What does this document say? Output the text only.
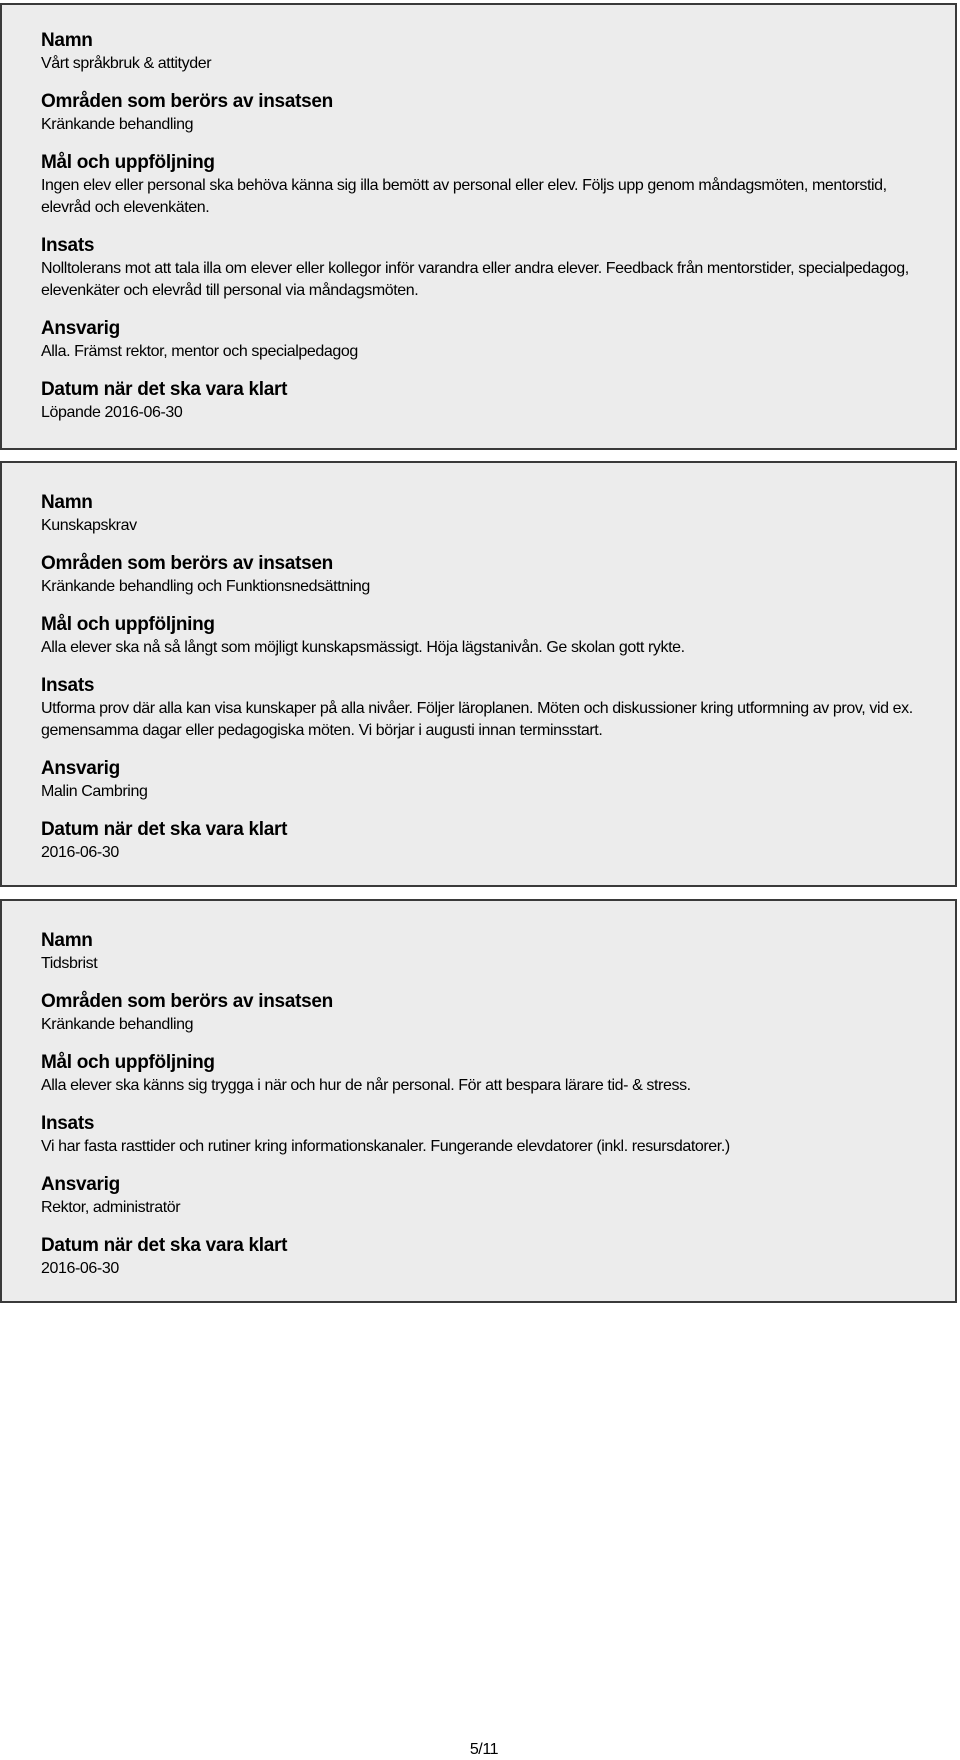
Namn
Vårt språkbruk & attityder
Områden som berörs av insatsen
Kränkande behandling
Mål och uppföljning
Ingen elev eller personal ska behöva känna sig illa bemött av personal eller elev. Följs upp genom måndagsmöten, mentorstid, elevråd och elevenkäten.
Insats
Nolltolerans mot att tala illa om elever eller kollegor inför varandra eller andra elever. Feedback från mentorstider, specialpedagog, elevenkäter och elevråd till personal via måndagsmöten.
Ansvarig
Alla. Främst rektor, mentor och specialpedagog
Datum när det ska vara klart
Löpande 2016-06-30
Namn
Kunskapskrav
Områden som berörs av insatsen
Kränkande behandling och Funktionsnedsättning
Mål och uppföljning
Alla elever ska nå så långt som möjligt kunskapsmässigt. Höja lägstanivån. Ge skolan gott rykte.
Insats
Utforma prov där alla kan visa kunskaper på alla nivåer. Följer läroplanen. Möten och diskussioner kring utformning av prov, vid ex. gemensamma dagar eller pedagogiska möten. Vi börjar i augusti innan terminsstart.
Ansvarig
Malin Cambring
Datum när det ska vara klart
2016-06-30
Namn
Tidsbrist
Områden som berörs av insatsen
Kränkande behandling
Mål och uppföljning
Alla elever ska känns sig trygga i när och hur de når personal. För att bespara lärare tid- & stress.
Insats
Vi har fasta rasttider och rutiner kring informationskanaler. Fungerande elevdatorer (inkl. resursdatorer.)
Ansvarig
Rektor, administratör
Datum när det ska vara klart
2016-06-30
5/11
